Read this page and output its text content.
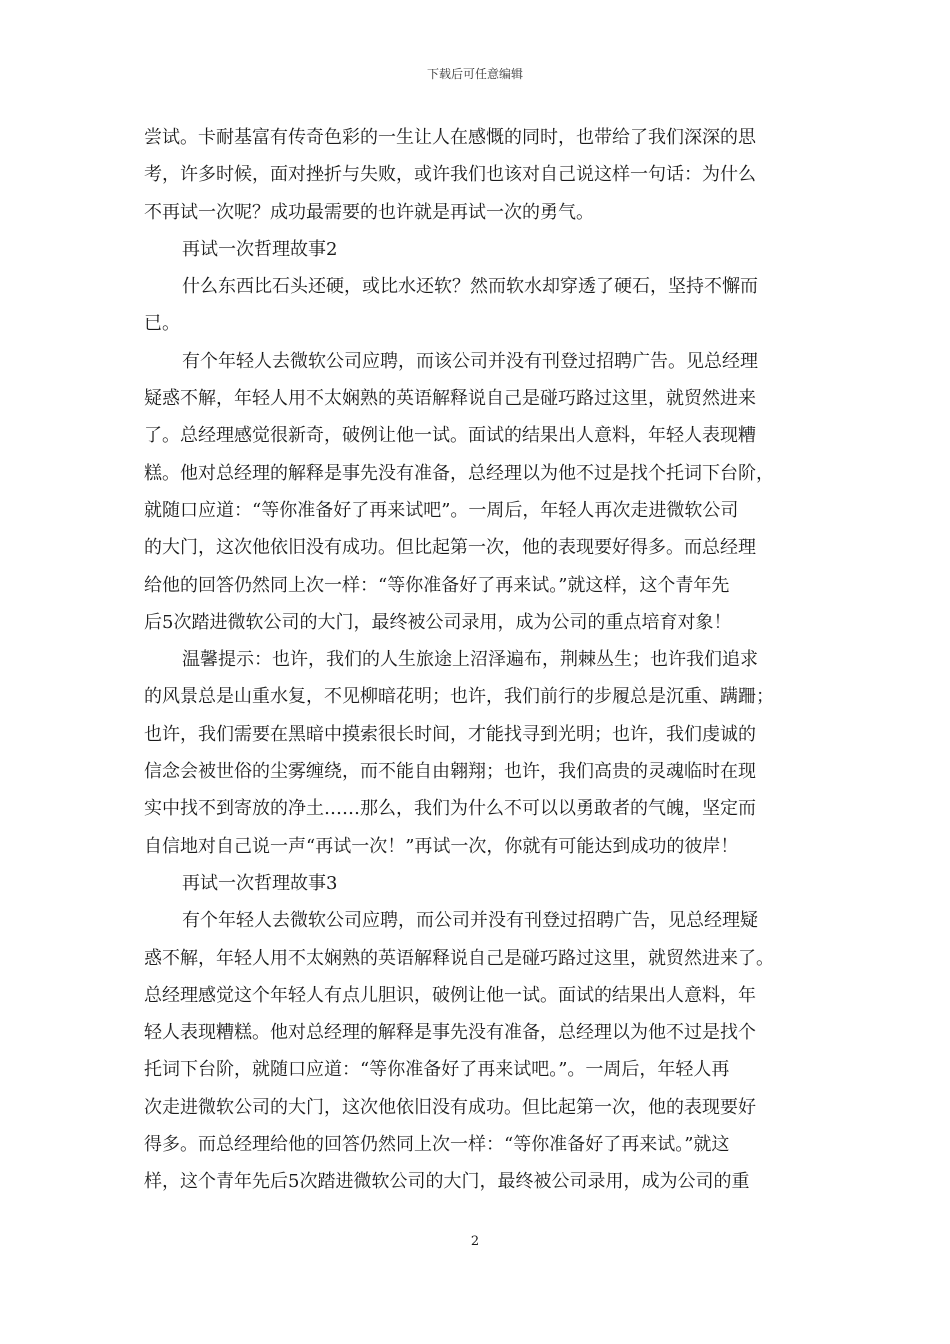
下载后可任意编辑
尝试。卡耐基富有传奇色彩的一生让人在感慨的同时，也带给了我们深深的思
考，许多时候，面对挫折与失败，或许我们也该对自己说这样一句话：为什么
不再试一次呢？成功最需要的也许就是再试一次的勇气。
再试一次哲理故事2
什么东西比石头还硬，或比水还软？然而软水却穿透了硬石，坚持不懈而
已。
有个年轻人去微软公司应聘，而该公司并没有刊登过招聘广告。见总经理
疑惑不解，年轻人用不太娴熟的英语解释说自己是碰巧路过这里，就贸然进来
了。总经理感觉很新奇，破例让他一试。面试的结果出人意料，年轻人表现糟
糕。他对总经理的解释是事先没有准备，总经理以为他不过是找个托词下台阶，
就随口应道：“等你准备好了再来试吧”。一周后，年轻人再次走进微软公司
的大门，这次他依旧没有成功。但比起第一次，他的表现要好得多。而总经理
给他的回答仍然同上次一样：“等你准备好了再来试。”就这样，这个青年先
后5次踏进微软公司的大门，最终被公司录用，成为公司的重点培育对象！
温馨提示：也许，我们的人生旅途上沼泽遍布，荆棘丛生；也许我们追求
的风景总是山重水复，不见柳暗花明；也许，我们前行的步履总是沉重、蹒跚；
也许，我们需要在黑暗中摸索很长时间，才能找寻到光明；也许，我们虔诚的
信念会被世俗的尘雾缠绕，而不能自由翱翔；也许，我们高贵的灵魂临时在现
实中找不到寄放的净土……那么，我们为什么不可以以勇敢者的气魄，坚定而
自信地对自己说一声“再试一次！”再试一次，你就有可能达到成功的彼岸！
再试一次哲理故事3
有个年轻人去微软公司应聘，而公司并没有刊登过招聘广告，见总经理疑
惑不解，年轻人用不太娴熟的英语解释说自己是碰巧路过这里，就贸然进来了。
总经理感觉这个年轻人有点儿胆识，破例让他一试。面试的结果出人意料，年
轻人表现糟糕。他对总经理的解释是事先没有准备，总经理以为他不过是找个
托词下台阶，就随口应道：“等你准备好了再来试吧。”。一周后，年轻人再
次走进微软公司的大门，这次他依旧没有成功。但比起第一次，他的表现要好
得多。而总经理给他的回答仍然同上次一样：“等你准备好了再来试。”就这
样，这个青年先后5次踏进微软公司的大门，最终被公司录用，成为公司的重
2
